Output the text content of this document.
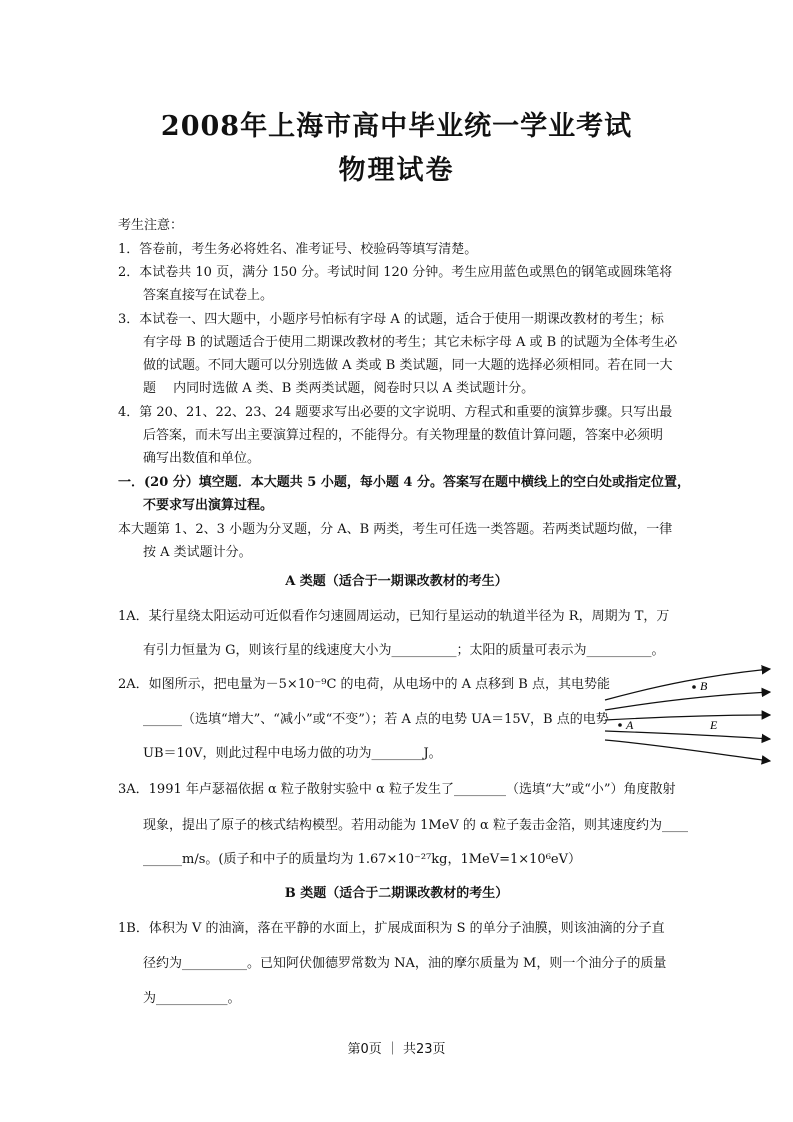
2008年上海市高中毕业统一学业考试
物理试卷
考生注意：
1．答卷前，考生务必将姓名、准考证号、校验码等填写清楚。
2．本试卷共 10 页，满分 150 分。考试时间 120 分钟。考生应用蓝色或黑色的钢笔或圆珠笔将
答案直接写在试卷上。
3．本试卷一、四大题中，小题序号怕标有字母 A 的试题，适合于使用一期课改教材的考生；标
有字母 B 的试题适合于使用二期课改教材的考生；其它未标字母 A 或 B 的试题为全体考生必
做的试题。不同大题可以分别选做 A 类或 B 类试题，同一大题的选择必须相同。若在同一大
题 　内同时选做 A 类、B 类两类试题，阅卷时只以 A 类试题计分。
4．第 20、21、22、23、24 题要求写出必要的文字说明、方程式和重要的演算步骤。只写出最
后答案，而未写出主要演算过程的，不能得分。有关物理量的数值计算问题，答案中必须明
确写出数值和单位。
一．(20 分）填空题．本大题共 5 小题，每小题 4 分。答案写在题中横线上的空白处或指定位置，
不要求写出演算过程。
本大题第 1、2、3 小题为分叉题，分 A、B 两类，考生可任选一类答题。若两类试题均做，一律
按 A 类试题计分。
A 类题（适合于一期课改教材的考生）
1A．某行星绕太阳运动可近似看作匀速圆周运动，已知行星运动的轨道半径为 R，周期为 T，万
有引力恒量为 G，则该行星的线速度大小为__________；太阳的质量可表示为__________。
2A．如图所示，把电量为－5×10⁻⁹C 的电荷，从电场中的 A 点移到 B 点，其电势能
______（选填“增大”、“减小”或“不变”）；若 A 点的电势 UA＝15V，B 点的电势
UB＝10V，则此过程中电场力做的功为________J。
3A．1991 年卢瑟福依据 α 粒子散射实验中 α 粒子发生了________（选填“大”或“小”）角度散射
现象，提出了原子的核式结构模型。若用动能为 1MeV 的 α 粒子轰击金箔，则其速度约为____
______m/s。(质子和中子的质量均为 1.67×10⁻²⁷kg，1MeV=1×10⁶eV）
B
A	E
B 类题（适合于二期课改教材的考生）
1B．体积为 V 的油滴，落在平静的水面上，扩展成面积为 S 的单分子油膜，则该油滴的分子直
径约为__________。已知阿伏伽德罗常数为 NA，油的摩尔质量为 M，则一个油分子的质量
为___________。
第0页 ｜ 共23页
